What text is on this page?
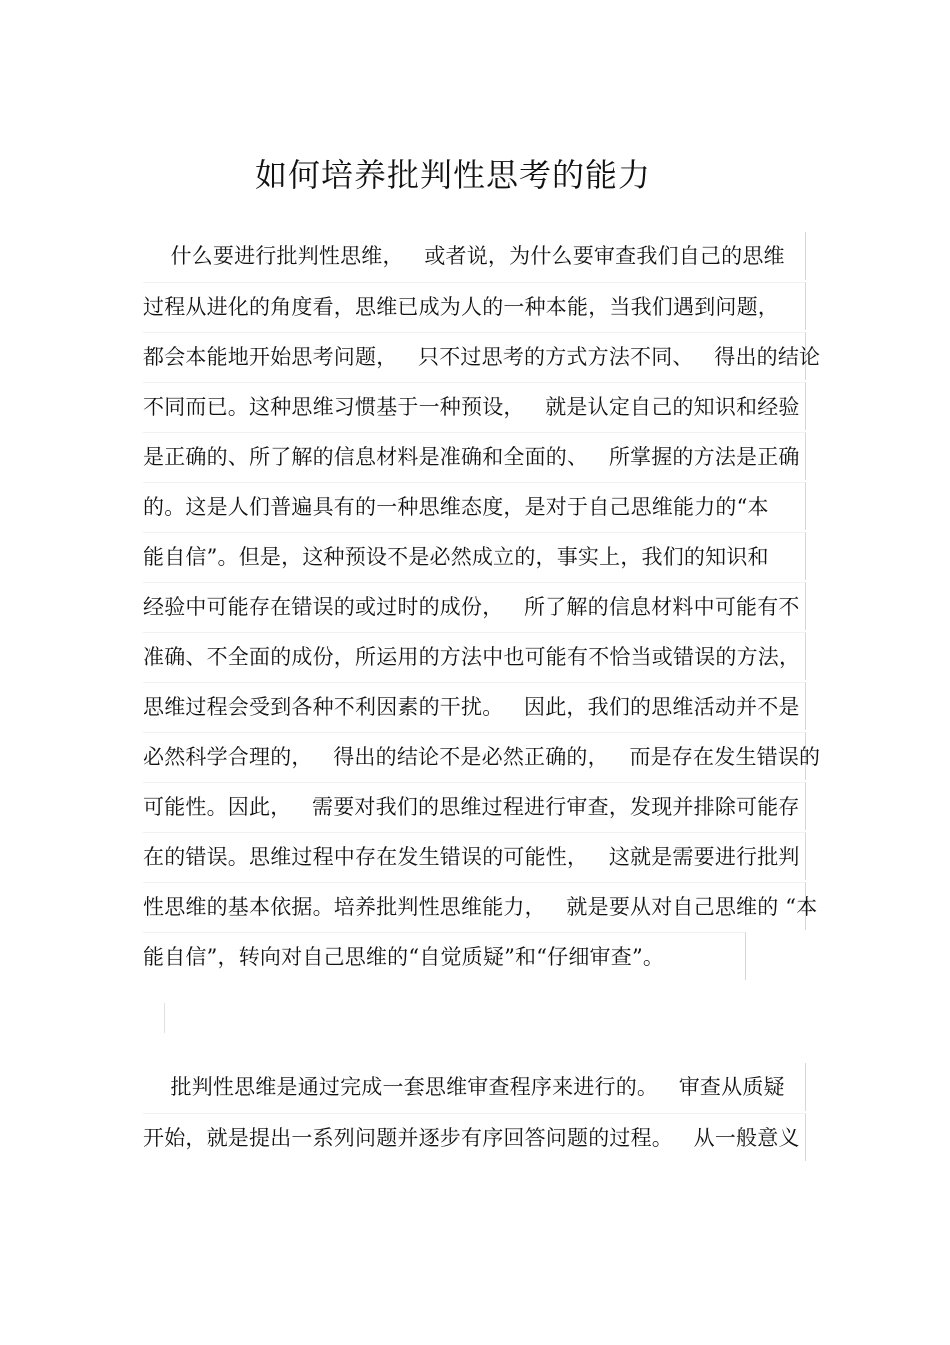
如何培养批判性思考的能力
什么要进行批判性思维，   或者说，为什么要审查我们自己的思维
过程从进化的角度看，思维已成为人的一种本能，当我们遇到问题，
都会本能地开始思考问题，   只不过思考的方式方法不同、   得出的结论
不同而已。这种思维习惯基于一种预设，   就是认定自己的知识和经验
是正确的、所了解的信息材料是准确和全面的、   所掌握的方法是正确
的。这是人们普遍具有的一种思维态度，是对于自己思维能力的“本
能自信”。但是，这种预设不是必然成立的，事实上，我们的知识和
经验中可能存在错误的或过时的成份，   所了解的信息材料中可能有不
准确、不全面的成份，所运用的方法中也可能有不恰当或错误的方法，
思维过程会受到各种不利因素的干扰。   因此，我们的思维活动并不是
必然科学合理的，   得出的结论不是必然正确的，   而是存在发生错误的
可能性。因此，   需要对我们的思维过程进行审查，发现并排除可能存
在的错误。思维过程中存在发生错误的可能性，   这就是需要进行批判
性思维的基本依据。培养批判性思维能力，   就是要从对自己思维的 “本
能自信”，转向对自己思维的“自觉质疑”和“仔细审查”。
批判性思维是通过完成一套思维审查程序来进行的。   审查从质疑
开始，就是提出一系列问题并逐步有序回答问题的过程。   从一般意义
